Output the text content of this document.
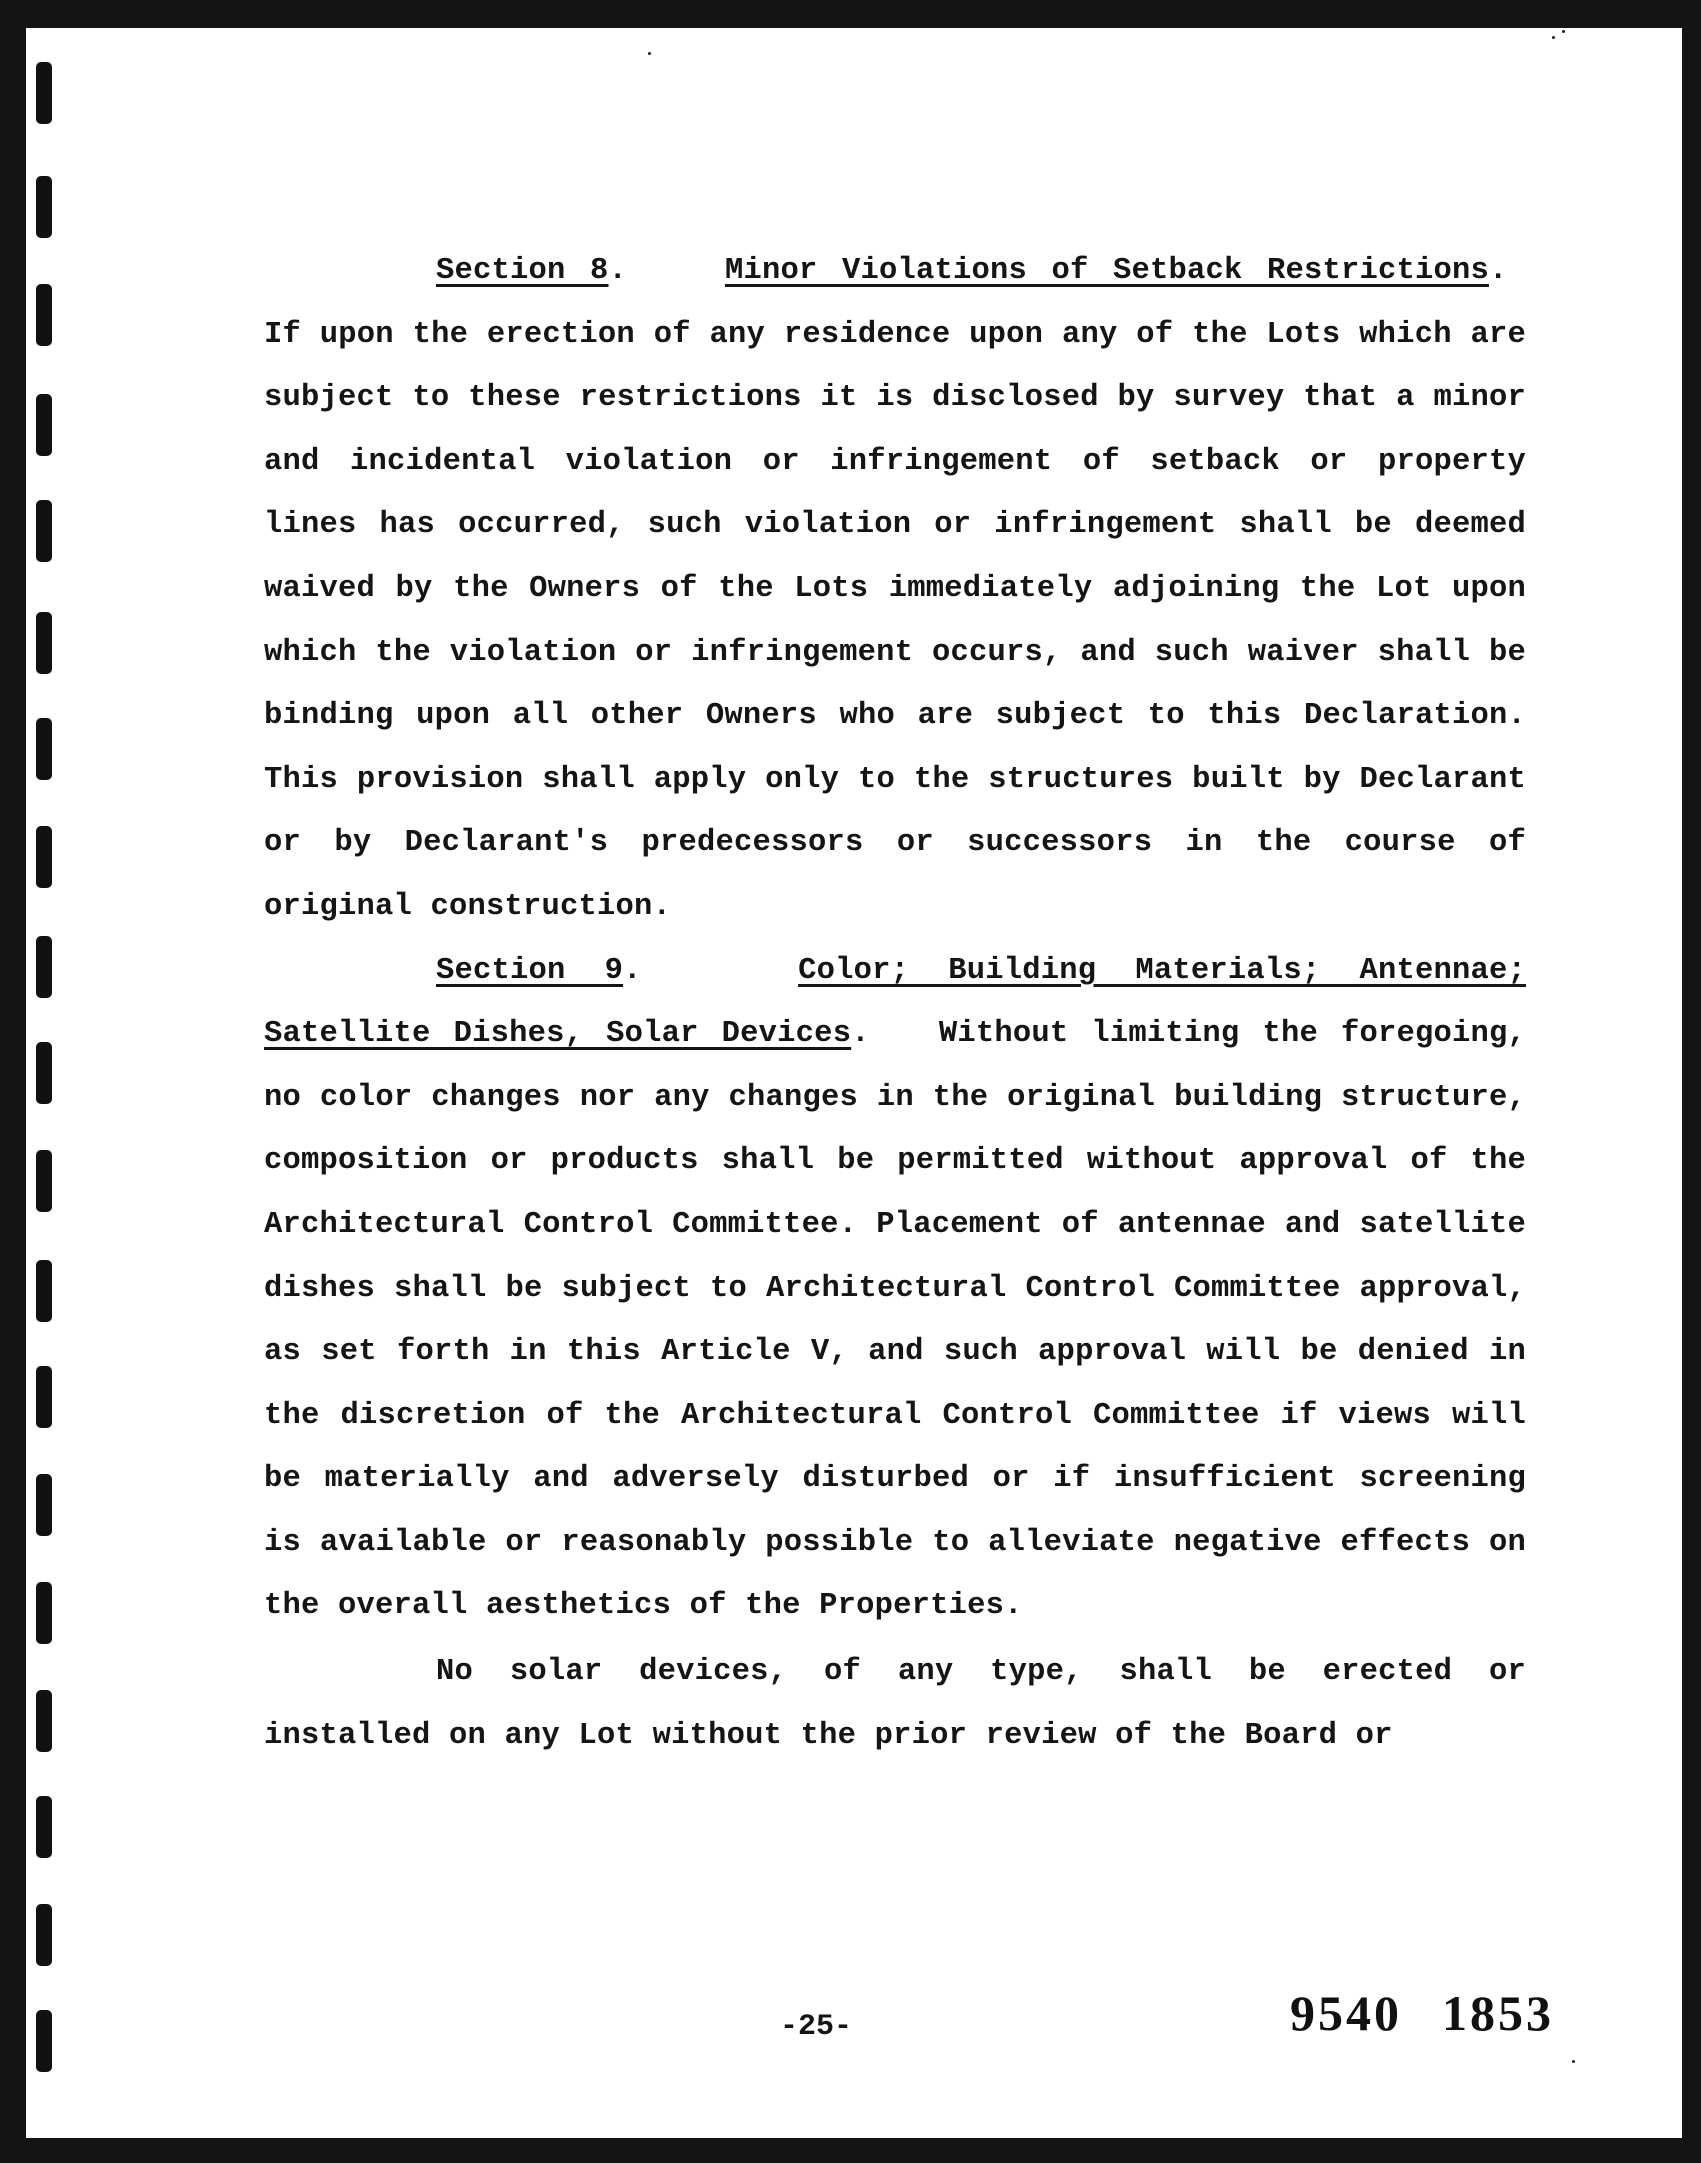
Section 8.    Minor Violations of Setback Restrictions.  If upon the erection of any residence upon any of the Lots which are subject to these restrictions it is disclosed by survey that a minor and incidental violation or infringement of setback or property lines has occurred, such violation or infringement shall be deemed waived by the Owners of the Lots immediately adjoining the Lot upon which the violation or infringement occurs, and such waiver shall be binding upon all other Owners who are subject to this Declaration. This provision shall apply only to the structures built by Declarant or by Declarant's predecessors or successors in the course of original construction.

Section 9.    Color; Building Materials; Antennae; Satellite Dishes, Solar Devices.   Without limiting the foregoing, no color changes nor any changes in the original building structure, composition or products shall be permitted without approval of the Architectural Control Committee. Placement of antennae and satellite dishes shall be subject to Architectural Control Committee approval, as set forth in this Article V, and such approval will be denied in the discretion of the Architectural Control Committee if views will be materially and adversely disturbed or if insufficient screening is available or reasonably possible to alleviate negative effects on the overall aesthetics of the Properties.

No solar devices, of any type, shall be erected or installed on any Lot without the prior review of the Board or

-25-	9540 1853
